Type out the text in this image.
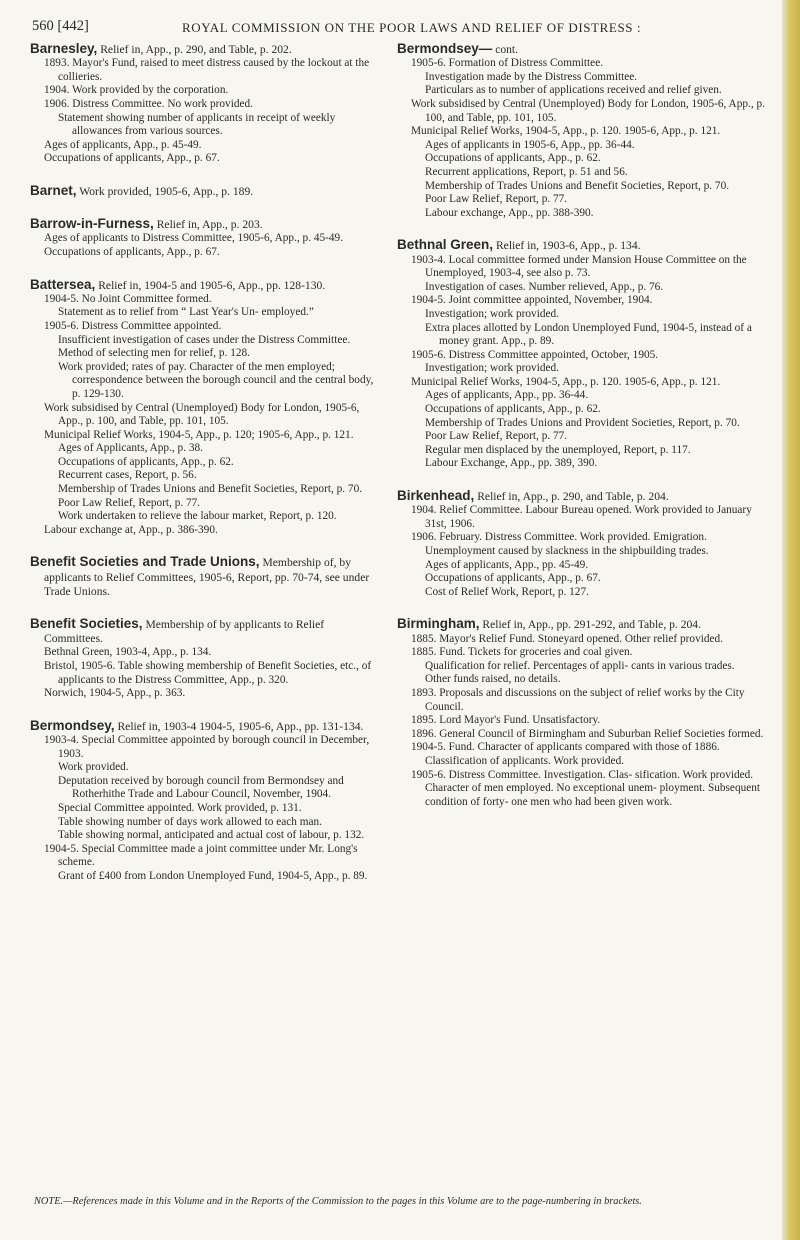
560 [442]	ROYAL COMMISSION ON THE POOR LAWS AND RELIEF OF DISTRESS :
Barnesley, Relief in, App., p. 290, and Table, p. 202.
1893. Mayor's Fund, raised to meet distress caused by the lockout at the collieries.
1904. Work provided by the corporation.
1906. Distress Committee. No work provided.
Statement showing number of applicants in receipt of weekly allowances from various sources.
Ages of applicants, App., p. 45-49.
Occupations of applicants, App., p. 67.
Barnet, Work provided, 1905-6, App., p. 189.
Barrow-in-Furness, Relief in, App., p. 203.
Ages of applicants to Distress Committee, 1905-6, App., p. 45-49.
Occupations of applicants, App., p. 67.
Battersea, Relief in, 1904-5 and 1905-6, App., pp. 128-130.
1904-5. No Joint Committee formed.
Statement as to relief from “ Last Year's Un- employed.”
1905-6. Distress Committee appointed.
Insufficient investigation of cases under the Distress Committee.
Method of selecting men for relief, p. 128.
Work provided; rates of pay. Character of the men employed; correspondence between the borough council and the central body, p. 129-130.
Work subsidised by Central (Unemployed) Body for London, 1905-6, App., p. 100, and Table, pp. 101, 105.
Municipal Relief Works, 1904-5, App., p. 120; 1905-6, App., p. 121.
Ages of Applicants, App., p. 38.
Occupations of applicants, App., p. 62.
Recurrent cases, Report, p. 56.
Membership of Trades Unions and Benefit Societies, Report, p. 70.
Poor Law Relief, Report, p. 77.
Work undertaken to relieve the labour market, Report, p. 120.
Labour exchange at, App., p. 386-390.
Benefit Societies and Trade Unions, Membership of, by applicants to Relief Committees, 1905-6, Report, pp. 70-74, see under Trade Unions.
Benefit Societies, Membership of by applicants to Relief Committees.
Bethnal Green, 1903-4, App., p. 134.
Bristol, 1905-6. Table showing membership of Benefit Societies, etc., of applicants to the Distress Committee, App., p. 320.
Norwich, 1904-5, App., p. 363.
Bermondsey, Relief in, 1903-4 1904-5, 1905-6, App., pp. 131-134.
1903-4. Special Committee appointed by borough council in December, 1903.
Work provided.
Deputation received by borough council from Bermondsey and Rotherhithe Trade and Labour Council, November, 1904.
Special Committee appointed. Work provided, p. 131.
Table showing number of days work allowed to each man.
Table showing normal, anticipated and actual cost of labour, p. 132.
1904-5. Special Committee made a joint committee under Mr. Long's scheme.
Grant of £400 from London Unemployed Fund, 1904-5, App., p. 89.
Bermondsey— cont.
1905-6. Formation of Distress Committee.
Investigation made by the Distress Committee.
Particulars as to number of applications received and relief given.
Work subsidised by Central (Unemployed) Body for London, 1905-6, App., p. 100, and Table, pp. 101, 105.
Municipal Relief Works, 1904-5, App., p. 120. 1905-6, App., p. 121.
Ages of applicants in 1905-6, App., pp. 36-44.
Occupations of applicants, App., p. 62.
Recurrent applications, Report, p. 51 and 56.
Membership of Trades Unions and Benefit Societies, Report, p. 70.
Poor Law Relief, Report, p. 77.
Labour exchange, App., pp. 388-390.
Bethnal Green, Relief in, 1903-6, App., p. 134.
1903-4. Local committee formed under Mansion House Committee on the Unemployed, 1903-4, see also p. 73.
Investigation of cases. Number relieved, App., p. 76.
1904-5. Joint committee appointed, November, 1904.
Investigation; work provided.
Extra places allotted by London Unemployed Fund, 1904-5, instead of a money grant. App., p. 89.
1905-6. Distress Committee appointed, October, 1905.
Investigation; work provided.
Municipal Relief Works, 1904-5, App., p. 120. 1905-6, App., p. 121.
Ages of applicants, App., pp. 36-44.
Occupations of applicants, App., p. 62.
Membership of Trades Unions and Provident Societies, Report, p. 70.
Poor Law Relief, Report, p. 77.
Regular men displaced by the unemployed, Report, p. 117.
Labour Exchange, App., pp. 389, 390.
Birkenhead, Relief in, App., p. 290, and Table, p. 204.
1904. Relief Committee. Labour Bureau opened. Work provided to January 31st, 1906.
1906. February. Distress Committee. Work provided. Emigration. Unemployment caused by slackness in the shipbuilding trades.
Ages of applicants, App., pp. 45-49.
Occupations of applicants, App., p. 67.
Cost of Relief Work, Report, p. 127.
Birmingham, Relief in, App., pp. 291-292, and Table, p. 204.
1885. Mayor's Relief Fund. Stoneyard opened. Other relief provided.
1885. Fund. Tickets for groceries and coal given.
Qualification for relief. Percentages of appli- cants in various trades.
Other funds raised, no details.
1893. Proposals and discussions on the subject of relief works by the City Council.
1895. Lord Mayor's Fund. Unsatisfactory.
1896. General Council of Birmingham and Suburban Relief Societies formed.
1904-5. Fund. Character of applicants compared with those of 1886. Classification of applicants. Work provided.
1905-6. Distress Committee. Investigation. Clas- sification. Work provided. Character of men employed. No exceptional unem- ployment. Subsequent condition of forty- one men who had been given work.
NOTE.—References made in this Volume and in the Reports of the Commission to the pages in this Volume are to the page-numbering in brackets.
